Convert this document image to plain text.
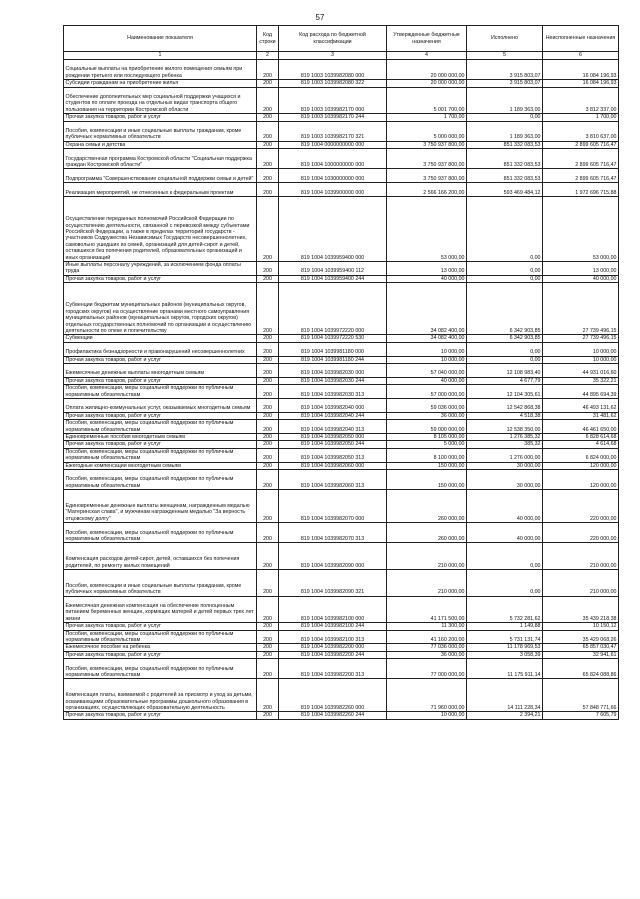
57
Наименование показателя	Код строки	Код расхода по бюджетной классификации	Утвержденные бюджетные назначения	Исполнено	Неисполненные назначения
1	2	3	4	5	6
Социальные выплаты на приобретение жилого помещения семьям при рождении третьего или последующего ребенка	200	819 1003 1039982080 000	20 000 000,00	3 915 803,07	16 084 196,93
Субсидии гражданам на приобретение жилья	200	819 1003 1039982080 322	20 000 000,00	3 915 803,07	16 084 196,93
Обеспечение дополнительных мер социальной поддержки учащихся и студентов по оплате проезда на отдельных видах транспорта общего пользования на территории Костромской области	200	819 1003 1039982170 000	5 001 700,00	1 189 363,00	3 812 337,00
Прочая закупка товаров, работ и услуг	200	819 1003 1039982170 244	1 700,00	0,00	1 700,00
Пособия, компенсации и иные социальные выплаты гражданам, кроме публичных нормативных обязательств	200	819 1003 1039982170 321	5 000 000,00	1 189 363,00	3 810 637,00
Охрана семьи и детства	200	819 1004 0000000000 000	3 750 937 800,00	851 332 083,53	2 899 605 716,47
Государственная программа Костромской области "Социальная поддержка граждан Костромской области"	200	819 1004 1000000000 000	3 750 937 800,00	851 332 083,53	2 899 605 716,47
Подпрограмма "Совершенствование социальной поддержки семьи и детей"	200	819 1004 1030000000 000	3 750 937 800,00	851 332 083,53	2 899 605 716,47
Реализация мероприятий, не отнесенных к федеральным проектам	200	819 1004 1039900000 000	2 566 166 200,00	593 469 484,12	1 972 696 715,88
Осуществление переданных полномочий Российской Федерации по осуществлению деятельности, связанной с перевозкой между субъектами Российской Федерации, а также в пределах территорий государств - участников Содружества Независимых Государств несовершеннолетних, самовольно ушедших из семей, организаций для детей-сирот и детей, оставшихся без попечения родителей, образовательных организаций и иных организаций	200	819 1004 1039959400 000	53 000,00	0,00	53 000,00
Иные выплаты персоналу учреждений, за исключением фонда оплаты труда	200	819 1004 1039959400 112	13 000,00	0,00	13 000,00
Прочая закупка товаров, работ и услуг	200	819 1004 1039959400 244	40 000,00	0,00	40 000,00
Субвенции бюджетам муниципальных районов (муниципальных округов, городских округов) на осуществление органами местного самоуправления муниципальных районов (муниципальных округов, городских округов) отдельных государственных полномочий по организации и осуществлению деятельности по опеке и попечительству	200	819 1004 1039972220 000	34 082 400,00	6 342 903,85	27 739 496,15
Субвенции	200	819 1004 1039972220 530	34 082 400,00	6 342 903,85	27 739 496,15
Профилактика безнадзорности и правонарушений несовершеннолетних	200	819 1004 1039981180 000	10 000,00	0,00	10 000,00
Прочая закупка товаров, работ и услуг	200	819 1004 1039981180 244	10 000,00	0,00	10 000,00
Ежемесячные денежные выплаты многодетным семьям	200	819 1004 1039982030 000	57 040 000,00	12 108 983,40	44 931 016,60
Прочая закупка товаров, работ и услуг	200	819 1004 1039982030 244	40 000,00	4 677,79	35 322,21
Пособия, компенсации, меры социальной поддержки по публичным нормативным обязательствам	200	819 1004 1039982030 313	57 000 000,00	12 104 305,61	44 895 694,39
Оплата жилищно-коммунальных услуг, оказываемых многодетным семьям	200	819 1004 1039982040 000	59 036 000,00	12 542 868,38	46 493 131,62
Прочая закупка товаров, работ и услуг	200	819 1004 1039982040 244	36 000,00	4 518,38	31 481,62
Пособия, компенсации, меры социальной поддержки по публичным нормативным обязательствам	200	819 1004 1039982040 313	59 000 000,00	12 538 350,00	46 461 650,00
Единовременные пособия многодетным семьям	200	819 1004 1039982050 000	8 105 000,00	1 276 385,32	6 828 614,68
Прочая закупка товаров, работ и услуг	200	819 1004 1039982050 244	5 000,00	385,32	4 614,68
Пособия, компенсации, меры социальной поддержки по публичным нормативным обязательствам	200	819 1004 1039982050 313	8 100 000,00	1 276 000,00	6 824 000,00
Ежегодные компенсации многодетным семьям	200	819 1004 1039982060 000	150 000,00	30 000,00	120 000,00
Пособия, компенсации, меры социальной поддержки по публичным нормативным обязательствам	200	819 1004 1039982060 313	150 000,00	30 000,00	120 000,00
Единовременные денежные выплаты женщинам, награжденным медалью "Материнская слава", и мужчинам награжденным медалью "За верность отцовскому долгу"	200	819 1004 1039982070 000	260 000,00	40 000,00	220 000,00
Пособия, компенсации, меры социальной поддержки по публичным нормативным обязательствам	200	819 1004 1039982070 313	260 000,00	40 000,00	220 000,00
Компенсация расходов детей-сирот, детей, оставшихся без попечения родителей, по ремонту жилых помещений	200	819 1004 1039982090 000	210 000,00	0,00	210 000,00
Пособия, компенсации и иные социальные выплаты гражданам, кроме публичных нормативных обязательств	200	819 1004 1039982090 321	210 000,00	0,00	210 000,00
Ежемесячная денежная компенсация на обеспечение полноценным питанием беременных женщин, кормящих матерей и детей первых трех лет жизни	200	819 1004 1039982100 000	41 171 500,00	5 732 281,62	35 439 218,38
Прочая закупка товаров, работ и услуг	200	819 1004 1039982100 244	11 300,00	1 149,88	10 150,12
Пособия, компенсации, меры социальной поддержки по публичным нормативным обязательствам	200	819 1004 1039982100 313	41 160 200,00	5 731 131,74	35 429 068,26
Ежемесячное пособие на ребенка	200	819 1004 1039982200 000	77 036 000,00	11 178 969,53	65 857 030,47
Прочая закупка товаров, работ и услуг	200	819 1004 1039982200 244	36 000,00	3 058,39	32 941,61
Пособия, компенсации, меры социальной поддержки по публичным нормативным обязательствам	200	819 1004 1039982200 313	77 000 000,00	11 175 911,14	65 824 088,86
Компенсация платы, взимаемой с родителей за присмотр и уход за детьми, осваивающими образовательные программы дошкольного образования в организациях, осуществляющих образовательную деятельность	200	819 1004 1039982260 000	71 960 000,00	14 111 228,34	57 848 771,66
Прочая закупка товаров, работ и услуг	200	819 1004 1039982260 244	10 000,00	2 394,21	7 605,79
